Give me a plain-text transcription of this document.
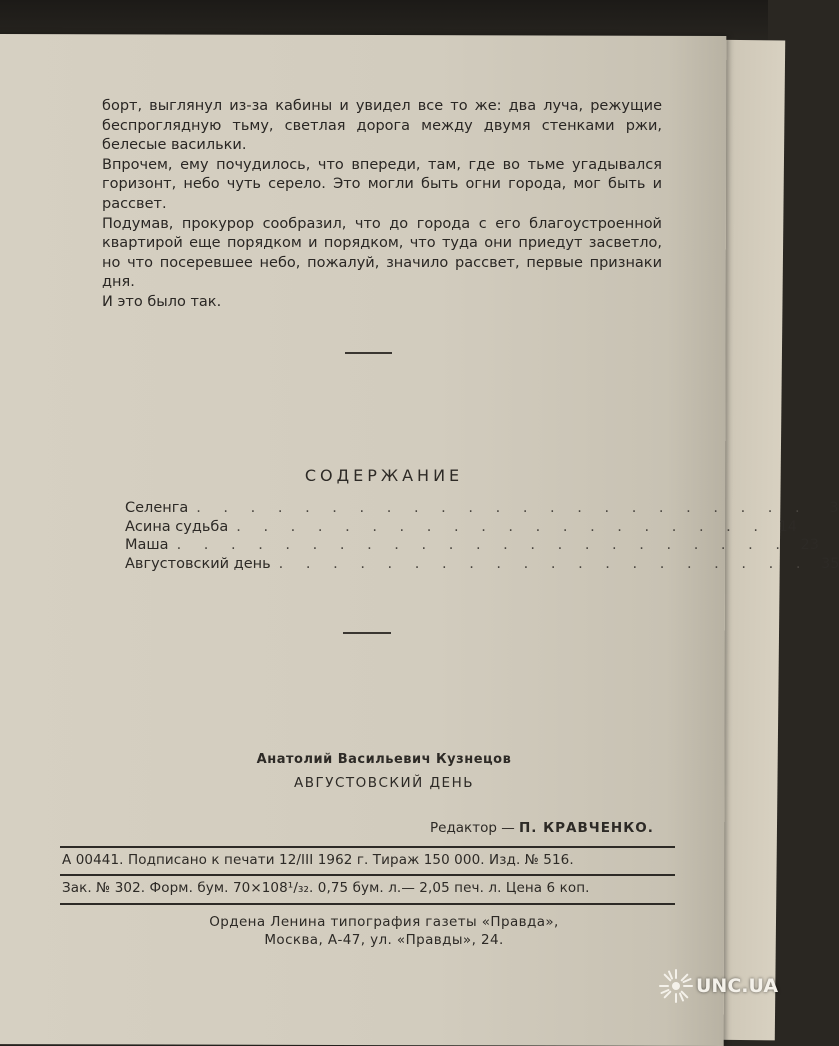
борт, выглянул из-за кабины и увидел все то же: два луча, режущие беспроглядную тьму, светлая дорога между двумя стенками ржи, белесые васильки.

Впрочем, ему почудилось, что впереди, там, где во тьме угадывался горизонт, небо чуть серело. Это могли быть огни города, мог быть и рассвет.

Подумав, прокурор сообразил, что до города с его благоустроенной квартирой еще порядком и порядком, что туда они приедут засветло, но что посеревшее небо, пожалуй, значило рассвет, первые признаки дня.

И это было так.

СОДЕРЖАНИЕ
Селенга . . . . . . . . . . . . . . . . . . . . . . .	3
Асина судьба . . . . . . . . . . . . . . . . . . . . 14
Маша . . . . . . . . . . . . . . . . . . . . . . . 23
Августовский день . . . . . . . . . . . . . . . . . . . . 35
Анатолий Васильевич Кузнецов
АВГУСТОВСКИЙ ДЕНЬ
Редактор — П. КРАВЧЕНКО.
А 00441. Подписано к печати 12/III 1962 г. Тираж 150 000. Изд. № 516.
Зак. № 302. Форм. бум. 70×108¹/₃₂. 0,75 бум. л.— 2,05 печ. л. Цена 6 коп.
Ордена Ленина типография газеты «Правда»,
Москва, А-47, ул. «Правды», 24.
UNC.UA
